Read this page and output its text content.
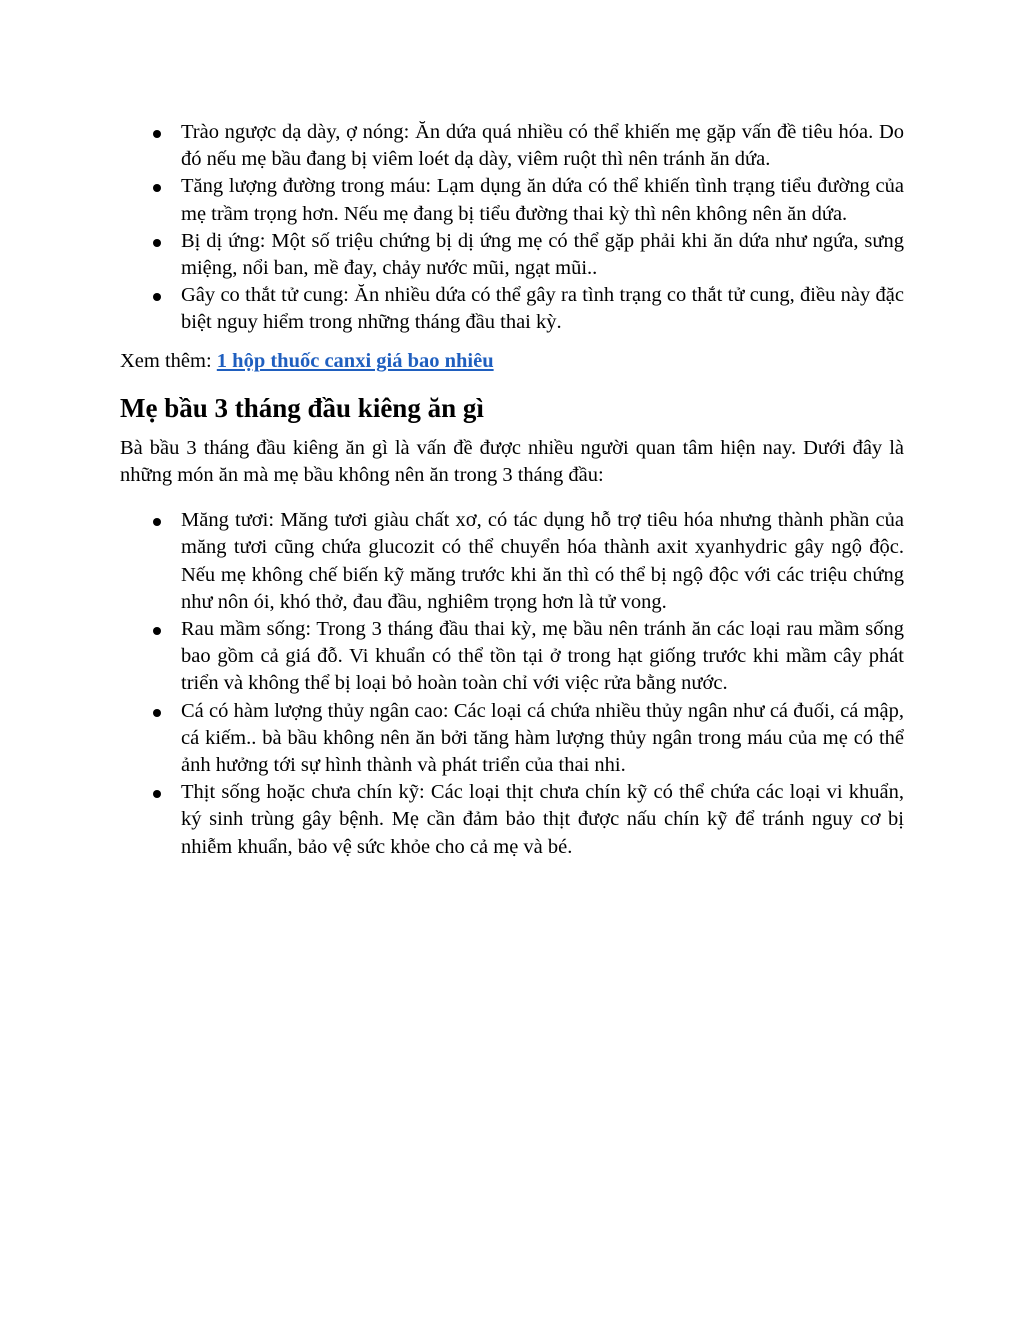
Trào ngược dạ dày, ợ nóng: Ăn dứa quá nhiều có thể khiến mẹ gặp vấn đề tiêu hóa. Do đó nếu mẹ bầu đang bị viêm loét dạ dày, viêm ruột thì nên tránh ăn dứa.
Tăng lượng đường trong máu: Lạm dụng ăn dứa có thể khiến tình trạng tiểu đường của mẹ trầm trọng hơn. Nếu mẹ đang bị tiểu đường thai kỳ thì nên không nên ăn dứa.
Bị dị ứng: Một số triệu chứng bị dị ứng mẹ có thể gặp phải khi ăn dứa như ngứa, sưng miệng, nổi ban, mề đay, chảy nước mũi, ngạt mũi..
Gây co thắt tử cung: Ăn nhiều dứa có thể gây ra tình trạng co thắt tử cung, điều này đặc biệt nguy hiểm trong những tháng đầu thai kỳ.

Xem thêm: 1 hộp thuốc canxi giá bao nhiêu

Mẹ bầu 3 tháng đầu kiêng ăn gì

Bà bầu 3 tháng đầu kiêng ăn gì là vấn đề được nhiều người quan tâm hiện nay. Dưới đây là những món ăn mà mẹ bầu không nên ăn trong 3 tháng đầu:

Măng tươi: Măng tươi giàu chất xơ, có tác dụng hỗ trợ tiêu hóa nhưng thành phần của măng tươi cũng chứa glucozit có thể chuyển hóa thành axit xyanhydric gây ngộ độc. Nếu mẹ không chế biến kỹ măng trước khi ăn thì có thể bị ngộ độc với các triệu chứng như nôn ói, khó thở, đau đầu, nghiêm trọng hơn là tử vong.
Rau mầm sống: Trong 3 tháng đầu thai kỳ, mẹ bầu nên tránh ăn các loại rau mầm sống bao gồm cả giá đỗ. Vi khuẩn có thể tồn tại ở trong hạt giống trước khi mầm cây phát triển và không thể bị loại bỏ hoàn toàn chỉ với việc rửa bằng nước.
Cá có hàm lượng thủy ngân cao: Các loại cá chứa nhiều thủy ngân như cá đuối, cá mập, cá kiếm.. bà bầu không nên ăn bởi tăng hàm lượng thủy ngân trong máu của mẹ có thể ảnh hưởng tới sự hình thành và phát triển của thai nhi.
Thịt sống hoặc chưa chín kỹ: Các loại thịt chưa chín kỹ có thể chứa các loại vi khuẩn, ký sinh trùng gây bệnh. Mẹ cần đảm bảo thịt được nấu chín kỹ để tránh nguy cơ bị nhiễm khuẩn, bảo vệ sức khỏe cho cả mẹ và bé.
